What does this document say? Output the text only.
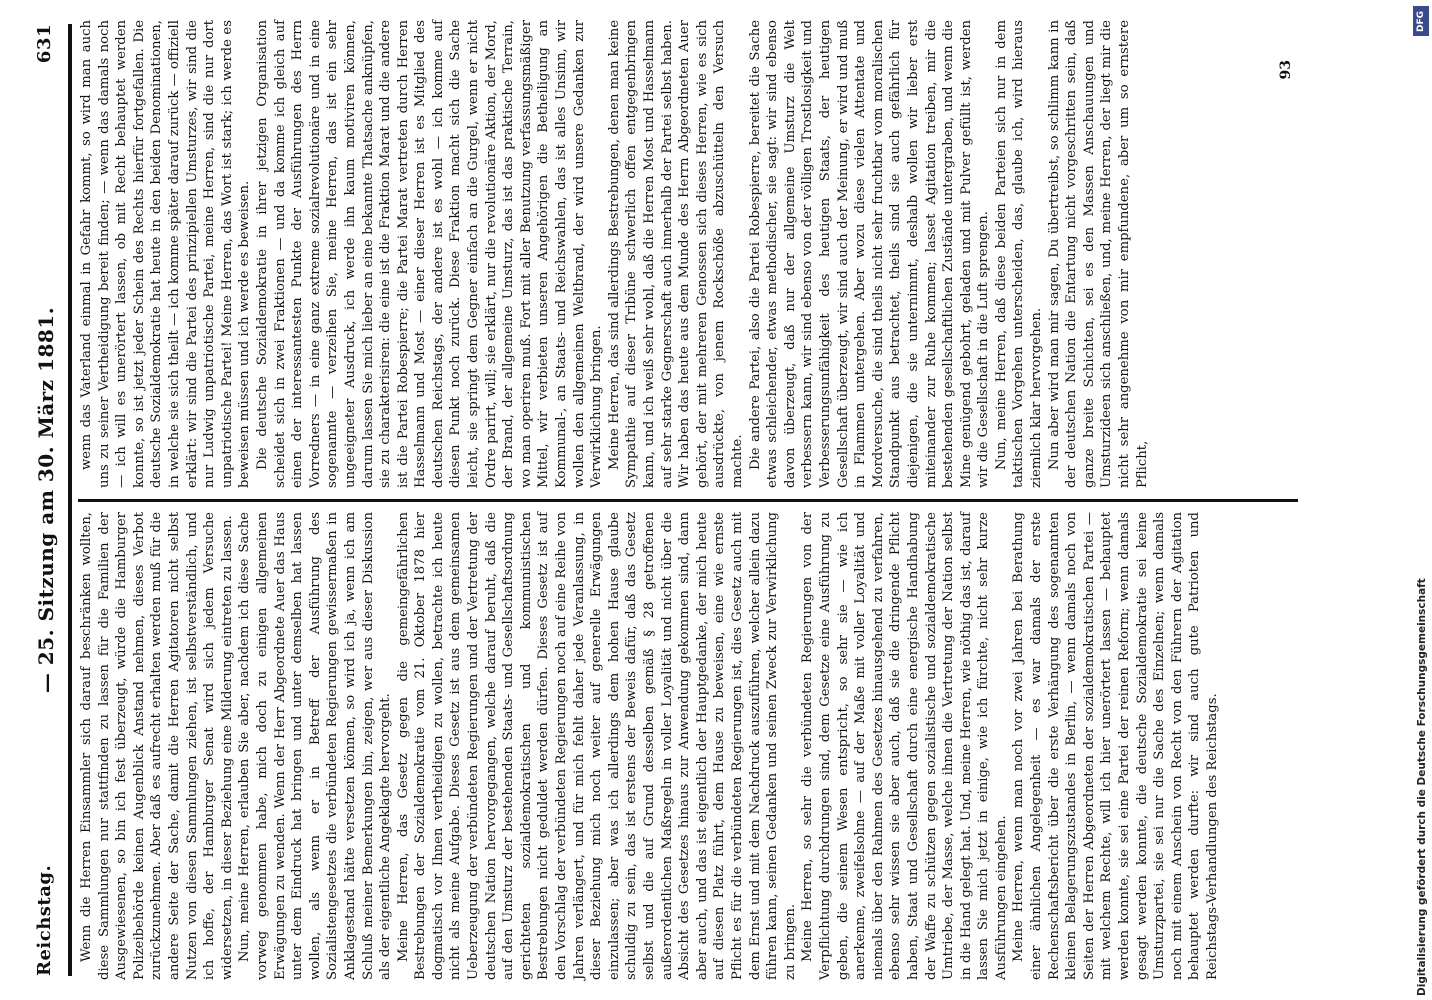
Reichstag.
— 25. Sitzung am 30. März 1881.
631

Wenn die Herren Einsammler sich darauf beschränken wollten, diese Sammlungen nur stattfinden zu lassen für die Familien der Ausgewiesenen, so bin ich fest überzeugt, würde die Hamburger Polizeibehörde keinen Augenblick Anstand nehmen, dieses Verbot zurückzunehmen. Aber daß es aufrecht erhalten werden muß für die andere Seite der Sache, damit die Herren Agitatoren nicht selbst Nutzen von diesen Sammlungen ziehen, ist selbstverständlich, und ich hoffe, der Hamburger Senat wird sich jedem Versuche widersetzen, in dieser Beziehung eine Milderung eintreten zu lassen. Nun, meine Herren, erlauben Sie aber, nachdem ich diese Sache vorweg genommen habe, mich doch zu einigen allgemeinen Erwägungen zu wenden. Wenn der Herr Abgeordnete Auer das Haus unter dem Eindruck hat bringen und unter demselben hat lassen wollen, als wenn er in Betreff der Ausführung des Sozialistengesetzes die verbündeten Regierungen gewissermaßen in Anklagestand hätte versetzen können, so wird ich ja, wenn ich am Schluß meiner Bemerkungen bin, zeigen, wer aus dieser Diskussion als der eigentliche Angeklagte hervorgeht. Meine Herren, das Gesetz gegen die gemeingefährlichen Bestrebungen der Sozialdemokratie vom 21. Oktober 1878 hier dogmatisch vor Ihnen vertheidigen zu wollen, betrachte ich heute nicht als meine Aufgabe. Dieses Gesetz ist aus dem gemeinsamen Ueberzeugung der verbündeten Regierungen und der Vertretung der deutschen Nation hervorgegangen, welche darauf beruht, daß die auf den Umsturz der bestehenden Staats- und Gesellschaftsordnung gerichteten sozialdemokratischen und kommunistischen Bestrebungen nicht geduldet werden dürfen. Dieses Gesetz ist auf den Vorschlag der verbündeten Regierungen noch auf eine Reihe von Jahren verlängert, und für mich fehlt daher jede Veranlassung, in dieser Beziehung mich noch weiter auf generelle Erwägungen einzulassen; aber was ich allerdings dem hohen Hause glaube schuldig zu sein, das ist erstens der Beweis dafür, daß das Gesetz selbst und die auf Grund desselben gemäß § 28 getroffenen außerordentlichen Maßregeln in voller Loyalität und nicht über die Absicht des Gesetzes hinaus zur Anwendung gekommen sind, dann aber auch, und das ist eigentlich der Hauptgedanke, der mich heute auf diesen Platz führt, dem Hause zu beweisen, eine wie ernste Pflicht es für die verbündeten Regierungen ist, dies Gesetz auch mit dem Ernst und mit dem Nachdruck auszuführen, welcher allein dazu führen kann, seinen Gedanken und seinen Zweck zur Verwirklichung zu bringen. Meine Herren, so sehr die verbündeten Regierungen von der Verpflichtung durchdrungen sind, dem Gesetze eine Ausführung zu geben, die seinem Wesen entspricht, so sehr sie — wie ich anerkenne, zweifelsohne — auf der Maße mit voller Loyalität und niemals über den Rahmen des Gesetzes hinausgehend zu verfahren, ebenso sehr wissen sie aber auch, daß sie die dringende Pflicht haben, Staat und Gesellschaft durch eine energische Handhabung der Waffe zu schützen gegen sozialistische und sozialdemokratische Umtriebe, der Masse, welche ihnen die Vertretung der Nation selbst in die Hand gelegt hat. Und, meine Herren, wie nöthig das ist, darauf lassen Sie mich jetzt in einige, wie ich fürchte, nicht sehr kurze Ausführungen eingehen. Meine Herren, wenn man noch vor zwei Jahren bei Berathung einer ähnlichen Angelegenheit — es war damals der erste Rechenschaftsbericht über die erste Verhängung des sogenannten kleinen Belagerungszustandes in Berlin, — wenn damals noch von Seiten der Herren Abgeordneten der sozialdemokratischen Partei — mit welchem Rechte, will ich hier unerörtert lassen — behauptet werden konnte, sie sei eine Partei der reinen Reform; wenn damals gesagt werden konnte, die deutsche Sozialdemokratie sei keine Umsturzpartei, sie sei nur die Sache des Einzelnen; wenn damals noch mit einem Anschein von Recht von den Führern der Agitation behauptet werden durfte: wir sind auch gute Patrioten und Reichstags-Verhandlungen des Reichstags.

wenn das Vaterland einmal in Gefahr kommt, so wird man auch uns zu seiner Vertheidigung bereit finden; — wenn das damals noch — ich will es unerörtert lassen, ob mit Recht behauptet werden konnte, so ist jetzt jeder Schein des Rechts hierfür fortgefallen. Die deutsche Sozialdemokratie hat heute in den beiden Denominationen, in welche sie sich theilt — ich komme später darauf zurück — offiziell erklärt: wir sind die Partei des prinzipiellen Umsturzes, wir sind die nur Ludwig unpatriotische Partei, meine Herren, sind die nur dort unpatriotische Partei! Meine Herren, das Wort ist stark; ich werde es beweisen müssen und ich werde es beweisen. Die deutsche Sozialdemokratie in ihrer jetzigen Organisation scheidet sich in zwei Fraktionen — und da komme ich gleich auf einen der interessantesten Punkte der Ausführungen des Herrn Vorredners — in eine ganz extreme sozialrevolutionäre und in eine sogenannte — verzeihen Sie, meine Herren, das ist ein sehr ungeeigneter Ausdruck, ich werde ihn kaum motiviren können, darum lassen Sie mich lieber an eine bekannte Thatsache anknüpfen, sie zu charakterisiren: die eine ist die Fraktion Marat und die andere ist die Partei Robespierre; die Partei Marat vertreten durch Herren Hasselmann und Most — einer dieser Herren ist es Mitglied des deutschen Reichstags, der andere ist es wohl — ich komme auf diesen Punkt noch zurück. Diese Fraktion macht sich die Sache leicht, sie springt dem Gegner einfach an die Gurgel, wenn er nicht Ordre parirt, will; sie erklärt, nur die revolutionäre Aktion, der Mord, der Brand, der allgemeine Umsturz, das ist das praktische Terrain, wo man operiren muß. Fort mit aller Benutzung verfassungsmäßiger Mittel, wir verbieten unseren Angehörigen die Betheiligung an Kommunal-, an Staats- und Reichswahlen, das ist alles Unsinn, wir wollen den allgemeinen Weltbrand, der wird unsere Gedanken zur Verwirklichung bringen. Meine Herren, das sind allerdings Bestrebungen, denen man keine Sympathie auf dieser Tribüne schwerlich offen entgegenbringen kann, und ich weiß sehr wohl, daß die Herren Most und Hasselmann auf sehr starke Gegnerschaft auch innerhalb der Partei selbst haben. Wir haben das heute aus dem Munde des Herrn Abgeordneten Auer gehört, der mit mehreren Genossen sich dieses Herren, wie es sich ausdrückte, von jenem Rockschöße abzuschütteln den Versuch machte. Die andere Partei, also die Partei Robespierre, bereitet die Sache etwas schleichender, etwas methodischer, sie sagt: wir sind ebenso davon überzeugt, daß nur der allgemeine Umsturz die Welt verbessern kann, wir sind ebenso von der völligen Trostlosigkeit und Verbesserungsunfähigkeit des heutigen Staats, der heutigen Gesellschaft überzeugt, wir sind auch der Meinung, er wird und muß in Flammen untergehen. Aber wozu diese vielen Attentate und Mordversuche, die sind theils nicht sehr fruchtbar vom moralischen Standpunkt aus betrachtet, theils sind sie auch gefährlich für diejenigen, die sie unternimmt, deshalb wollen wir lieber erst miteinander zur Ruhe kommen; lasset Agitation treiben, mir die bestehenden gesellschaftlichen Zustände untergraben, und wenn die Mine genügend gebohrt, geladen und mit Pulver gefüllt ist, werden wir die Gesellschaft in die Luft sprengen. Nun, meine Herren, daß diese beiden Parteien sich nur in dem taktischen Vorgehen unterscheiden, das, glaube ich, wird hieraus ziemlich klar hervorgehen. Nun aber wird man mir sagen, Du übertreibst, so schlimm kann in der deutschen Nation die Entartung nicht vorgeschritten sein, daß ganze breite Schichten, sei es den Massen Anschauungen und Umsturzideen sich anschließen, und, meine Herren, der liegt mir die nicht sehr angenehme von mir empfundene, aber um so ernstere Pflicht,

93
DFG
Digitalisierung gefördert durch die Deutsche Forschungsgemeinschaft
